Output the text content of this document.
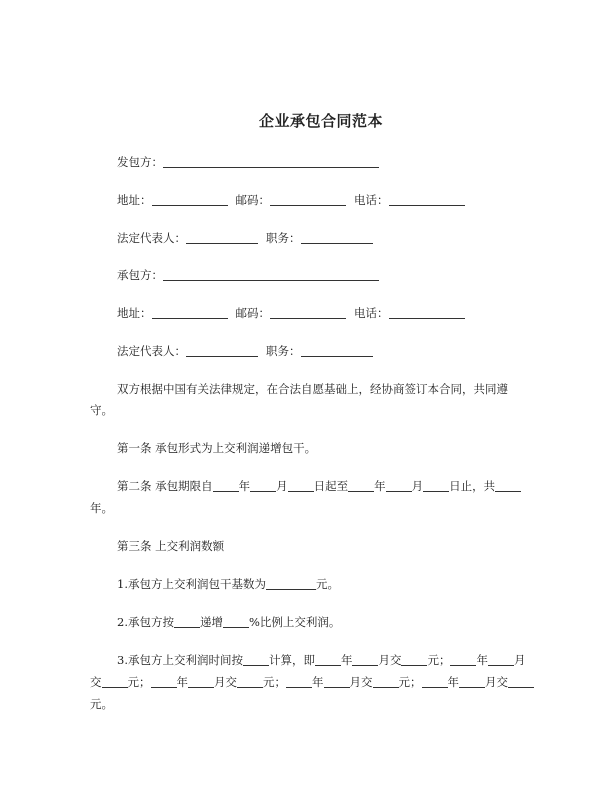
企业承包合同范本
发包方：
地址：	邮码：	电话：
法定代表人：	职务：
承包方：
地址：	邮码：	电话：
法定代表人：	职务：
双方根据中国有关法律规定，在合法自愿基础上，经协商签订本合同，共同遵
守。
第一条 承包形式为上交利润递增包干。
第二条 承包期限自 年 月 日起至 年 月 日止，共
年。
第三条 上交利润数额
1.承包方上交利润包干基数为	元。
2.承包方按 递增 %比例上交利润。
3.承包方上交利润时间按 计算，即 年 月交 元； 年 月
交 元； 年 月交 元； 年 月交 元； 年 月交
元。
